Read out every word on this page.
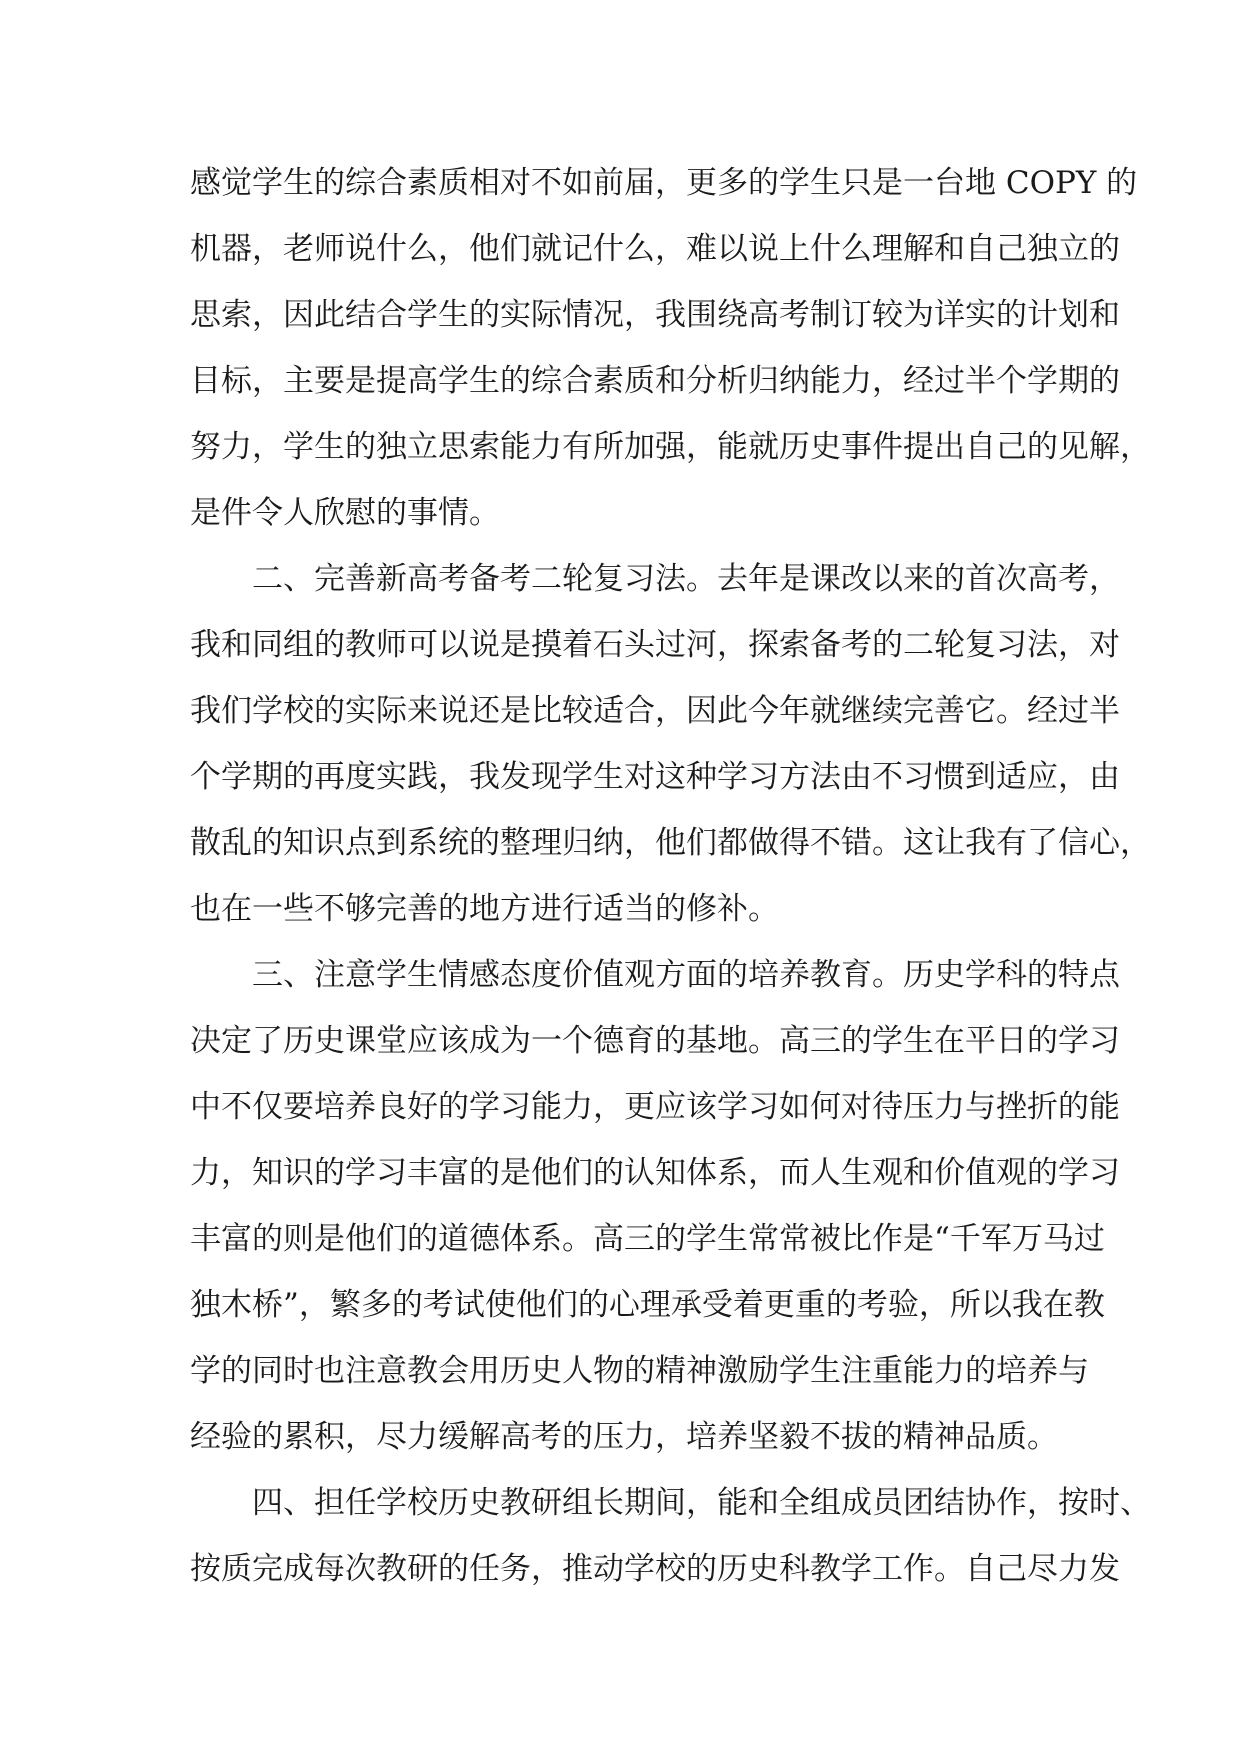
感觉学生的综合素质相对不如前届，更多的学生只是一台地 COPY 的
机器，老师说什么，他们就记什么，难以说上什么理解和自己独立的
思索，因此结合学生的实际情况，我围绕高考制订较为详实的计划和
目标，主要是提高学生的综合素质和分析归纳能力，经过半个学期的
努力，学生的独立思索能力有所加强，能就历史事件提出自己的见解，
是件令人欣慰的事情。
二、完善新高考备考二轮复习法。去年是课改以来的首次高考，
我和同组的教师可以说是摸着石头过河，探索备考的二轮复习法，对
我们学校的实际来说还是比较适合，因此今年就继续完善它。经过半
个学期的再度实践，我发现学生对这种学习方法由不习惯到适应，由
散乱的知识点到系统的整理归纳，他们都做得不错。这让我有了信心，
也在一些不够完善的地方进行适当的修补。
三、注意学生情感态度价值观方面的培养教育。历史学科的特点
决定了历史课堂应该成为一个德育的基地。高三的学生在平日的学习
中不仅要培养良好的学习能力，更应该学习如何对待压力与挫折的能
力，知识的学习丰富的是他们的认知体系，而人生观和价值观的学习
丰富的则是他们的道德体系。高三的学生常常被比作是“千军万马过
独木桥”，繁多的考试使他们的心理承受着更重的考验，所以我在教
学的同时也注意教会用历史人物的精神激励学生注重能力的培养与
经验的累积，尽力缓解高考的压力，培养坚毅不拔的精神品质。
四、担任学校历史教研组长期间，能和全组成员团结协作，按时、
按质完成每次教研的任务，推动学校的历史科教学工作。自己尽力发
